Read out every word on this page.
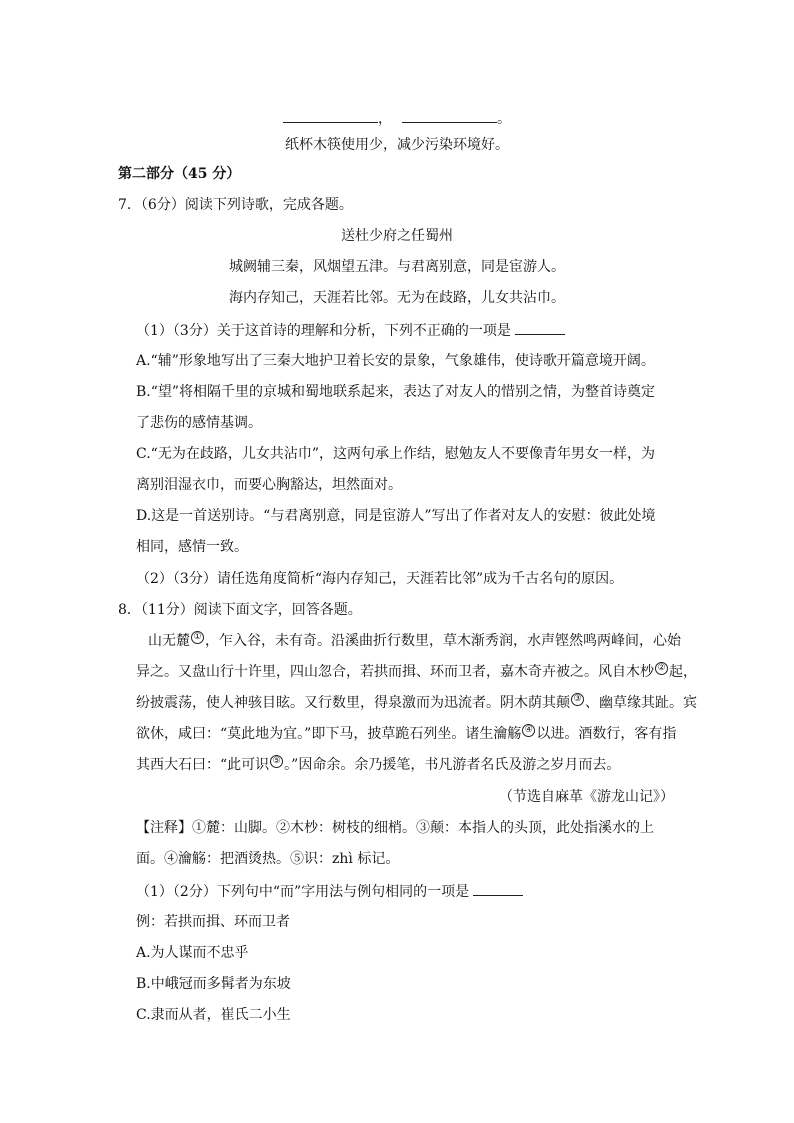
，	。
纸杯木筷使用少，减少污染环境好。
第二部分（45 分）
7．（6分）阅读下列诗歌，完成各题。
送杜少府之任蜀州
城阙辅三秦，风烟望五津。与君离别意，同是宦游人。
海内存知己，天涯若比邻。无为在歧路，儿女共沾巾。
（1）（3分）关于这首诗的理解和分析，下列不正确的一项是
A.“辅”形象地写出了三秦大地护卫着长安的景象，气象雄伟，使诗歌开篇意境开阔。
B.“望”将相隔千里的京城和蜀地联系起来，表达了对友人的惜别之情，为整首诗奠定
了悲伤的感情基调。
C.“无为在歧路，儿女共沾巾”，这两句承上作结，慰勉友人不要像青年男女一样，为
离别泪湿衣巾，而要心胸豁达，坦然面对。
D.这是一首送别诗。“与君离别意，同是宦游人”写出了作者对友人的安慰：彼此处境
相同，感情一致。
（2）（3分）请任选角度简析“海内存知己，天涯若比邻”成为千古名句的原因。
8．（11分）阅读下面文字，回答各题。
山无麓 ① ，乍入谷，未有奇。沿溪曲折行数里，草木渐秀润，水声铿然鸣两峰间，心始
异之。又盘山行十许里，四山忽合，若拱而揖、环而卫者，嘉木奇卉被之。风自木杪 ② 起，
纷披震荡，使人神骇目眩。又行数里，得泉激而为迅流者。阴木荫其颠 ③ 、幽草缘其趾。宾
欲休，咸曰：“莫此地为宜。”即下马，披草跪石列坐。诸生瀹觞 ④ 以进。酒数行，客有指
其西大石曰：“此可识 ⑤ 。”因命余。余乃援笔，书凡游者名氏及游之岁月而去。
（节选自麻革《游龙山记》）
【注释】①麓：山脚。②木杪：树枝的细梢。③颠：本指人的头顶，此处指溪水的上
面。④瀹觞：把酒烫热。⑤识：zhì 标记。
（1）（2分）下列句中“而”字用法与例句相同的一项是
例：若拱而揖、环而卫者
A.为人谋而不忠乎
B.中峨冠而多髯者为东坡
C.隶而从者，崔氏二小生
